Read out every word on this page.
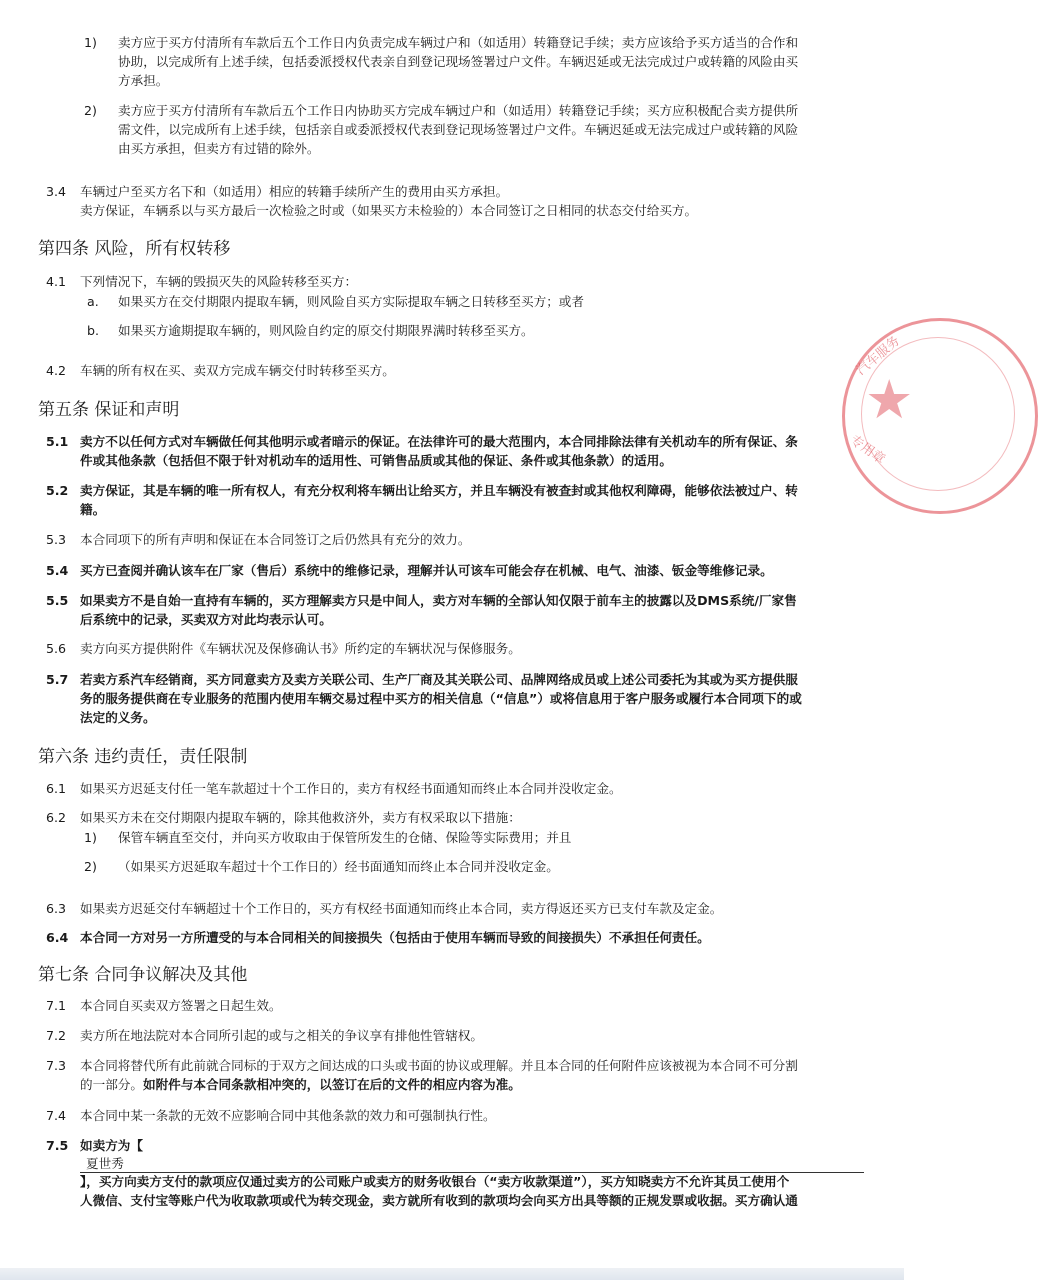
1) 卖方应于买方付清所有车款后五个工作日内负责完成车辆过户和（如适用）转籍登记手续；卖方应该给予买方适当的合作和
协助，以完成所有上述手续，包括委派授权代表亲自到登记现场签署过户文件。车辆迟延或无法完成过户或转籍的风险由买
方承担。
2) 卖方应于买方付清所有车款后五个工作日内协助买方完成车辆过户和（如适用）转籍登记手续；买方应积极配合卖方提供所
需文件，以完成所有上述手续，包括亲自或委派授权代表到登记现场签署过户文件。车辆迟延或无法完成过户或转籍的风险
由买方承担，但卖方有过错的除外。
3.4 车辆过户至买方名下和（如适用）相应的转籍手续所产生的费用由买方承担。
卖方保证，车辆系以与买方最后一次检验之时或（如果买方未检验的）本合同签订之日相同的状态交付给买方。
第四条 风险，所有权转移
4.1 下列情况下，车辆的毁损灭失的风险转移至买方：
a. 如果买方在交付期限内提取车辆，则风险自买方实际提取车辆之日转移至买方；或者
b. 如果买方逾期提取车辆的，则风险自约定的原交付期限界满时转移至买方。
4.2 车辆的所有权在买、卖双方完成车辆交付时转移至买方。
第五条 保证和声明
5.1 卖方不以任何方式对车辆做任何其他明示或者暗示的保证。在法律许可的最大范围内，本合同排除法律有关机动车的所有保证、条
件或其他条款（包括但不限于针对机动车的适用性、可销售品质或其他的保证、条件或其他条款）的适用。
5.2 卖方保证，其是车辆的唯一所有权人，有充分权利将车辆出让给买方，并且车辆没有被查封或其他权利障碍，能够依法被过户、转
籍。
5.3 本合同项下的所有声明和保证在本合同签订之后仍然具有充分的效力。
5.4 买方已查阅并确认该车在厂家（售后）系统中的维修记录，理解并认可该车可能会存在机械、电气、油漆、钣金等维修记录。
5.5 如果卖方不是自始一直持有车辆的，买方理解卖方只是中间人，卖方对车辆的全部认知仅限于前车主的披露以及DMS系统/厂家售
后系统中的记录，买卖双方对此均表示认可。
5.6 卖方向买方提供附件《车辆状况及保修确认书》所约定的车辆状况与保修服务。
5.7 若卖方系汽车经销商，买方同意卖方及卖方关联公司、生产厂商及其关联公司、品牌网络成员或上述公司委托为其或为买方提供服
务的服务提供商在专业服务的范围内使用车辆交易过程中买方的相关信息（“信息”）或将信息用于客户服务或履行本合同项下的或
法定的义务。
第六条 违约责任，责任限制
6.1 如果买方迟延支付任一笔车款超过十个工作日的，卖方有权经书面通知而终止本合同并没收定金。
6.2 如果买方未在交付期限内提取车辆的，除其他救济外，卖方有权采取以下措施：
1) 保管车辆直至交付，并向买方收取由于保管所发生的仓储、保险等实际费用；并且
2) （如果买方迟延取车超过十个工作日的）经书面通知而终止本合同并没收定金。
6.3 如果卖方迟延交付车辆超过十个工作日的，买方有权经书面通知而终止本合同，卖方得返还买方已支付车款及定金。
6.4 本合同一方对另一方所遭受的与本合同相关的间接损失（包括由于使用车辆而导致的间接损失）不承担任何责任。
第七条 合同争议解决及其他
7.1 本合同自买卖双方签署之日起生效。
7.2 卖方所在地法院对本合同所引起的或与之相关的争议享有排他性管辖权。
7.3 本合同将替代所有此前就合同标的于双方之间达成的口头或书面的协议或理解。并且本合同的任何附件应该被视为本合同不可分割
的一部分。如附件与本合同条款相冲突的，以签订在后的文件的相应内容为准。
7.4 本合同中某一条款的无效不应影响合同中其他条款的效力和可强制执行性。
7.5 如卖方为【
夏世秀
】，买方向卖方支付的款项应仅通过卖方的公司账户或卖方的财务收银台（“卖方收款渠道”），买方知晓卖方不允许其员工使用个
人微信、支付宝等账户代为收取款项或代为转交现金，卖方就所有收到的款项均会向买方出具等额的正规发票或收据。买方确认通
★
汽车服务
专用章
